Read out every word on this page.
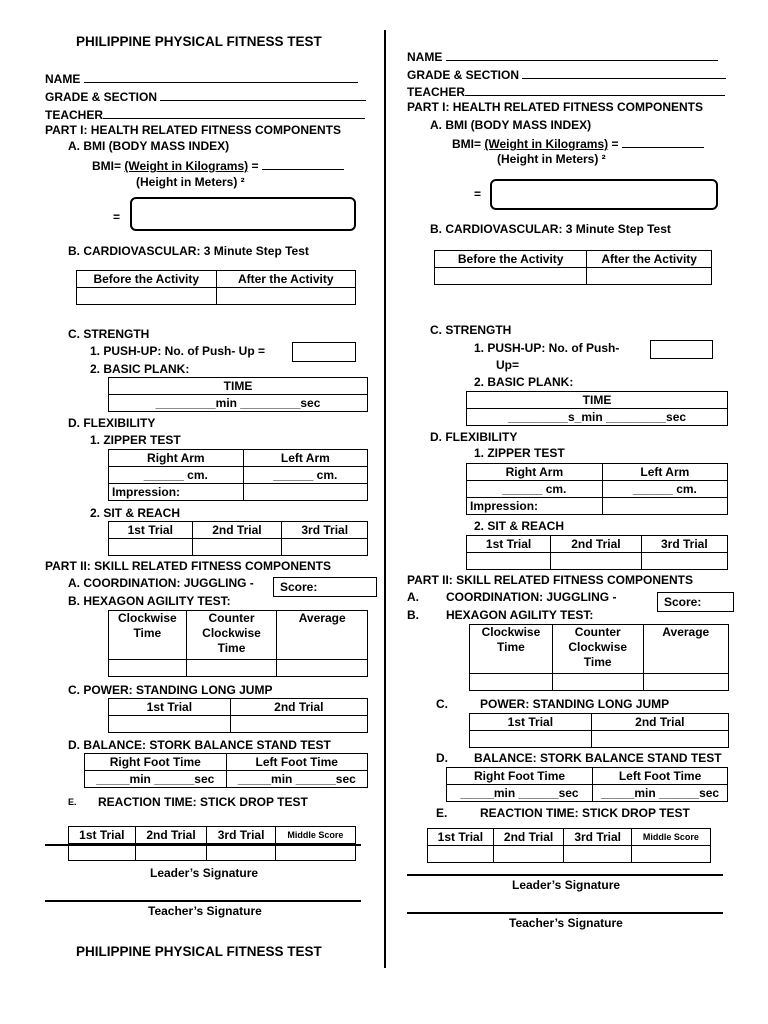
PHILIPPINE PHYSICAL FITNESS TEST
NAME
GRADE & SECTION
TEACHER
PART I: HEALTH RELATED FITNESS COMPONENTS
A. BMI (BODY MASS INDEX)
BMI= (Weight in Kilograms) =
(Height in Meters) ²
=
B. CARDIOVASCULAR: 3 Minute Step Test
Before the Activity	After the Activity

C. STRENGTH
1. PUSH-UP: No. of Push- Up =
2. BASIC PLANK:
TIME
_________min _________sec
D. FLEXIBILITY
1. ZIPPER TEST
Right Arm	Left Arm
______ cm.	______ cm.
Impression:	
2. SIT & REACH
1st Trial	2nd Trial	3rd Trial

PART II: SKILL RELATED FITNESS COMPONENTS
A. COORDINATION: JUGGLING -	Score:
B. HEXAGON AGILITY TEST:
Clockwise Time	Counter Clockwise Time	Average

C. POWER: STANDING LONG JUMP
1st Trial	2nd Trial

D. BALANCE: STORK BALANCE STAND TEST
Right Foot Time	Left Foot Time
_____min ______sec	_____min ______sec
E. REACTION TIME: STICK DROP TEST
1st Trial	2nd Trial	3rd Trial	Middle Score

Leader’s Signature
Teacher’s Signature
PHILIPPINE PHYSICAL FITNESS TEST
NAME
GRADE & SECTION
TEACHER
PART I: HEALTH RELATED FITNESS COMPONENTS
A. BMI (BODY MASS INDEX)
BMI= (Weight in Kilograms) =
(Height in Meters) ²
=
B. CARDIOVASCULAR: 3 Minute Step Test
Before the Activity	After the Activity

C. STRENGTH
1. PUSH-UP: No. of Push-
Up=
2. BASIC PLANK:
TIME
_________s_min _________sec
D. FLEXIBILITY
1. ZIPPER TEST
Right Arm	Left Arm
______ cm.	______ cm.
Impression:	
2. SIT & REACH
1st Trial	2nd Trial	3rd Trial

PART II: SKILL RELATED FITNESS COMPONENTS
A. COORDINATION: JUGGLING -	Score:
B. HEXAGON AGILITY TEST:
Clockwise Time	Counter Clockwise Time	Average

C.	POWER: STANDING LONG JUMP
1st Trial	2nd Trial

D. BALANCE: STORK BALANCE STAND TEST
Right Foot Time	Left Foot Time
_____min ______sec	_____min ______sec
E.	REACTION TIME: STICK DROP TEST
1st Trial	2nd Trial	3rd Trial	Middle Score

Leader’s Signature
Teacher’s Signature
